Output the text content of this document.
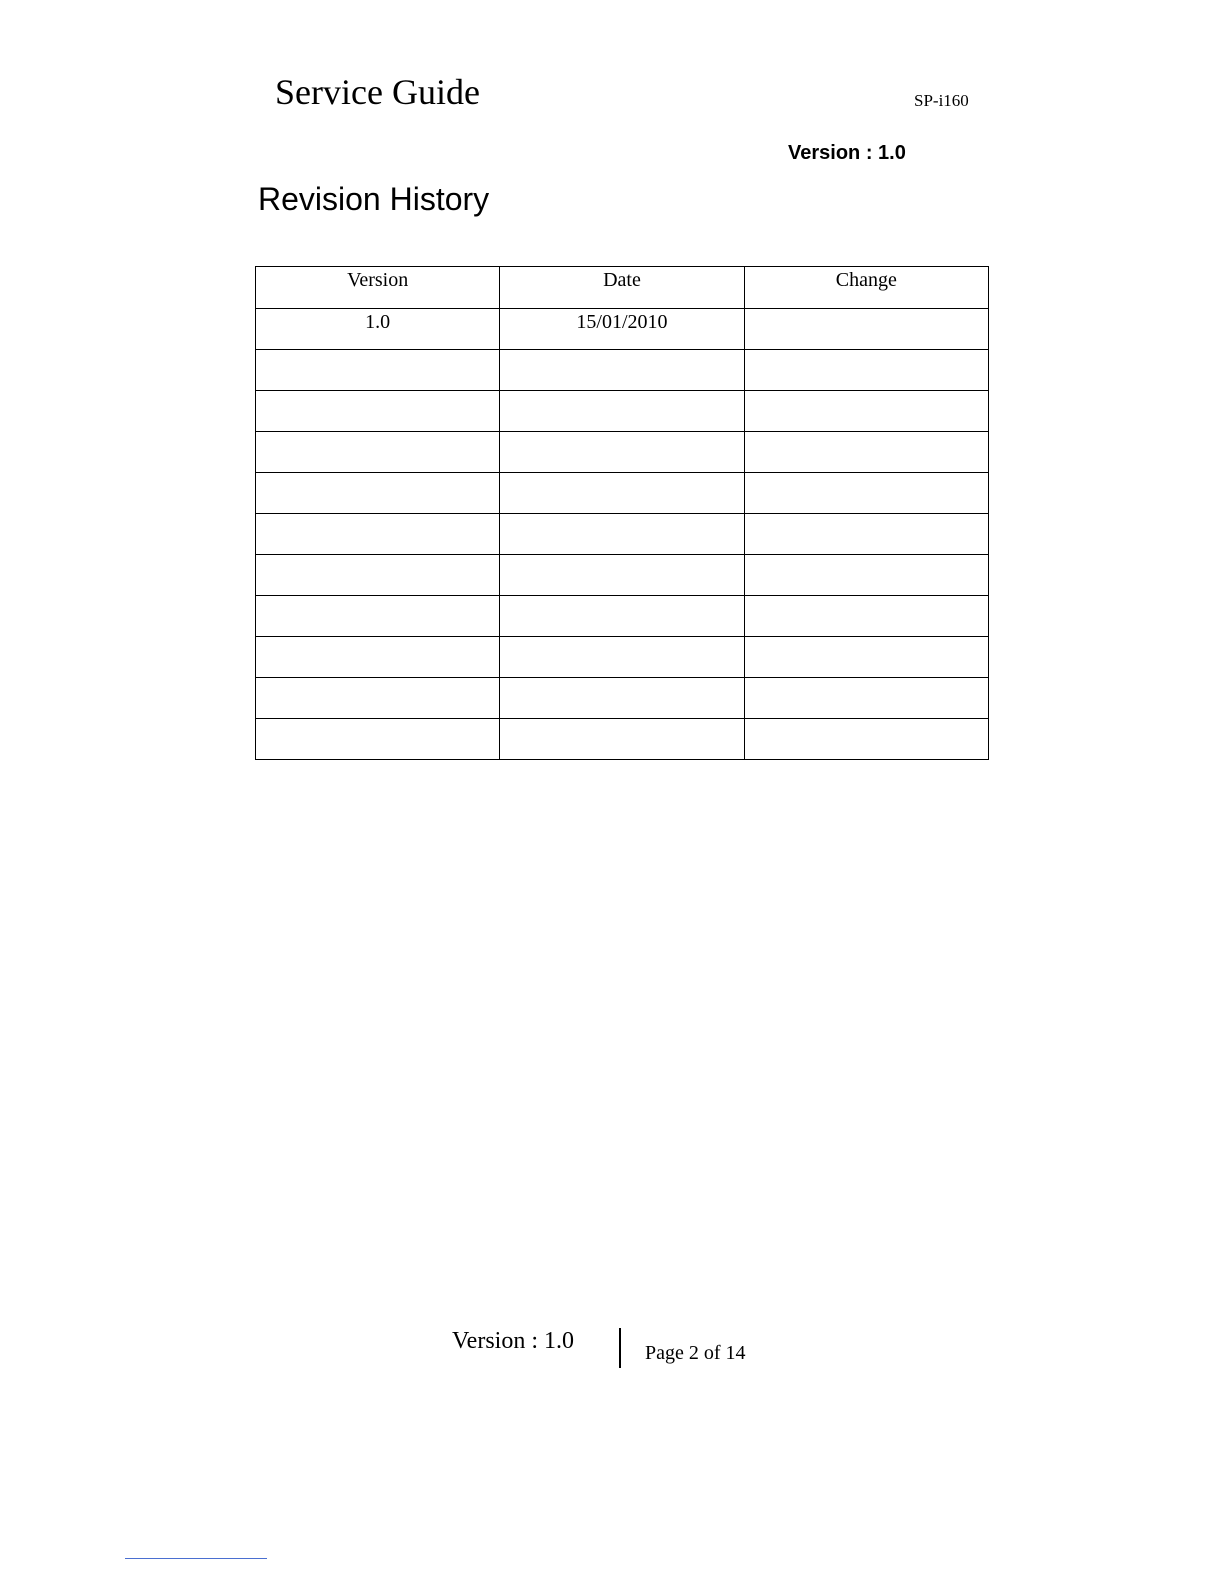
Service Guide	SP-i160
Version : 1.0
Revision History
Version	Date	Change
1.0	15/01/2010	

Version : 1.0	Page 2 of 14
